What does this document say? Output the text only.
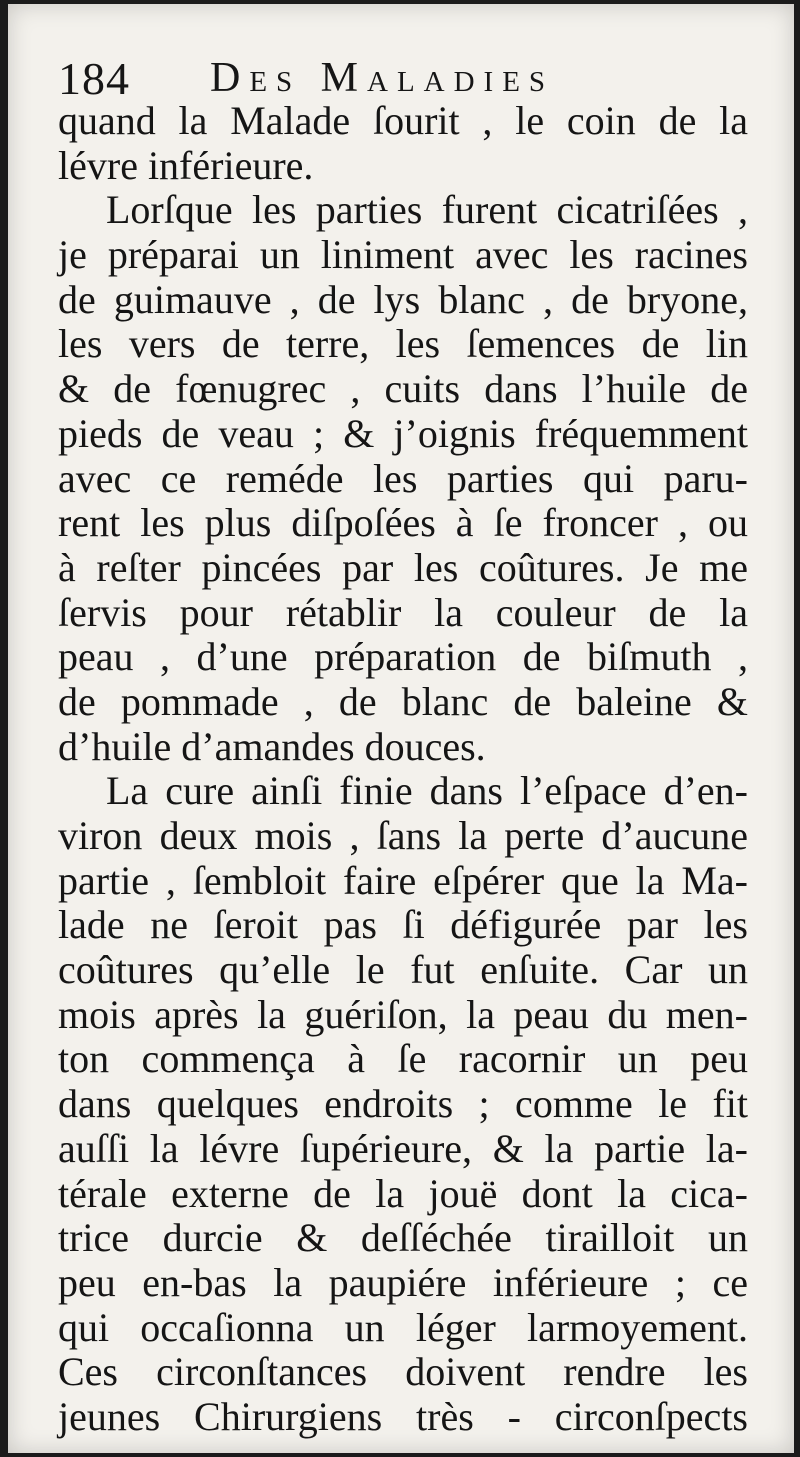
184 Des Maladies
quand la Malade ſourit , le coin de la
lévre inférieure.
Lorſque les parties furent cicatriſées ,
je préparai un liniment avec les racines
de guimauve , de lys blanc , de bryone,
les vers de terre, les ſemences de lin
& de fœnugrec , cuits dans l’huile de
pieds de veau ; & j’oignis fréquemment
avec ce reméde les parties qui paru-
rent les plus diſpoſées à ſe froncer , ou
à reſter pincées par les coûtures. Je me
ſervis pour rétablir la couleur de la
peau , d’une préparation de biſmuth ,
de pommade , de blanc de baleine &
d’huile d’amandes douces.
La cure ainſi finie dans l’eſpace d’en-
viron deux mois , ſans la perte d’aucune
partie , ſembloit faire eſpérer que la Ma-
lade ne ſeroit pas ſi défigurée par les
coûtures qu’elle le fut enſuite. Car un
mois après la guériſon, la peau du men-
ton commença à ſe racornir un peu
dans quelques endroits ; comme le fit
auſſi la lévre ſupérieure, & la partie la-
térale externe de la jouë dont la cica-
trice durcie & deſſéchée tirailloit un
peu en-bas la paupiére inférieure ; ce
qui occaſionna un léger larmoyement.
Ces circonſtances doivent rendre les
jeunes Chirurgiens très - circonſpects
